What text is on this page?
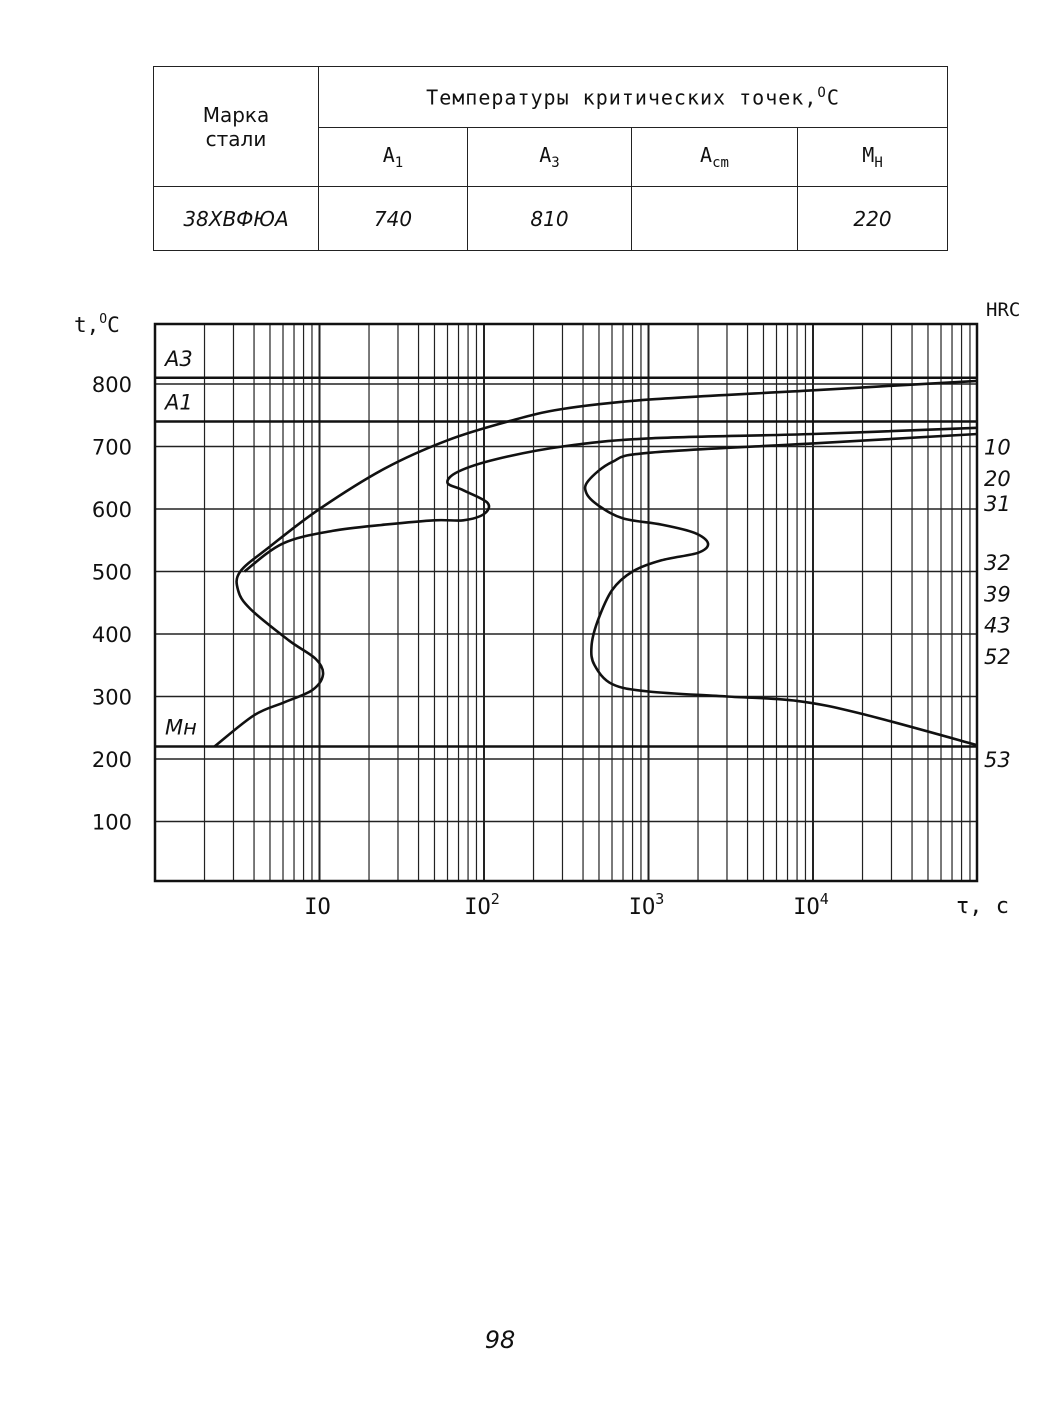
Марка стали	Температуры критических точек,$^О$С			
	$A_1$	$A_3$	$A_{cm}$	$M_H$
38ХВФЮА	740	810		220
100
200
300
400
500
600
700
800
IO	$IO^2$	$IO^3$	$IO^4$
10
20
31
32
39
43
52
53
A3
A1
Mн
t,$^O$C
HRC
τ, с
98
